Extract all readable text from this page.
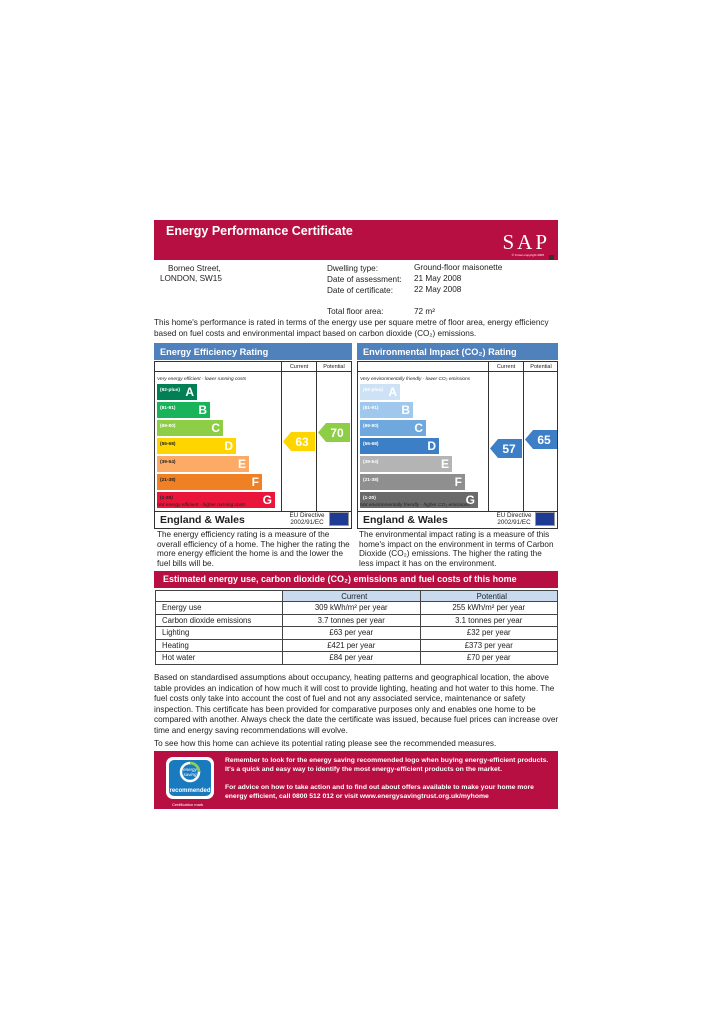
Energy Performance Certificate	SAP
© Crown copyright 2005
Borneo Street,
LONDON, SW15
Dwelling type:	Ground-floor maisonette
Date of assessment: 21 May 2008
Date of certificate:	22 May 2008
Total floor area:	72 m²
This home's performance is rated in terms of the energy use per square metre of floor area, energy efficiency based on fuel costs and environmental impact based on carbon dioxide (CO₂) emissions.
Energy Efficiency Rating
Current	Potential
Very energy efficient - lower running costs
(92-plus) A
(81-91) B
(69-80)	C
(55-68)	D
(39-54)	E
(21-38)	F
(1-20)	G
Not energy efficient - higher running costs
63
70
England & Wales	EU Directive 2002/91/EC
Environmental Impact (CO₂) Rating
Current	Potential
Very environmentally friendly - lower CO₂ emissions
(92-plus) A
(81-91) B
(69-80)	C
(55-68)	D
(39-54)	E
(21-38)	F
(1-20)	G
Not environmentally friendly - higher CO₂ emissions
57
65
England & Wales	EU Directive 2002/91/EC
The energy efficiency rating is a measure of the overall efficiency of a home. The higher the rating the more energy efficient the home is and the lower the fuel bills will be.
The environmental impact rating is a measure of this home's impact on the environment in terms of Carbon Dioxide (CO₂) emissions. The higher the rating the less impact it has on the environment.
Estimated energy use, carbon dioxide (CO₂) emissions and fuel costs of this home
	Current	Potential
Energy use	309 kWh/m² per year	255 kWh/m² per year
Carbon dioxide emissions	3.7 tonnes per year	3.1 tonnes per year
Lighting	£63 per year	£32 per year
Heating	£421 per year	£373 per year
Hot water	£84 per year	£70 per year
Based on standardised assumptions about occupancy, heating patterns and geographical location, the above table provides an indication of how much it will cost to provide lighting, heating and hot water to this home. The fuel costs only take into account the cost of fuel and not any associated service, maintenance or safety inspection. This certificate has been provided for comparative purposes only and enables one home to be compared with another. Always check the date the certificate was issued, because fuel prices can increase over time and energy saving recommendations will evolve.
To see how this home can achieve its potential rating please see the recommended measures.
energy
saving
recommended
Certification mark
Remember to look for the energy saving recommended logo when buying energy-efficient products. It's a quick and easy way to identify the most energy-efficient products on the market.
For advice on how to take action and to find out about offers available to make your home more energy efficient, call 0800 512 012 or visit www.energysavingtrust.org.uk/myhome
